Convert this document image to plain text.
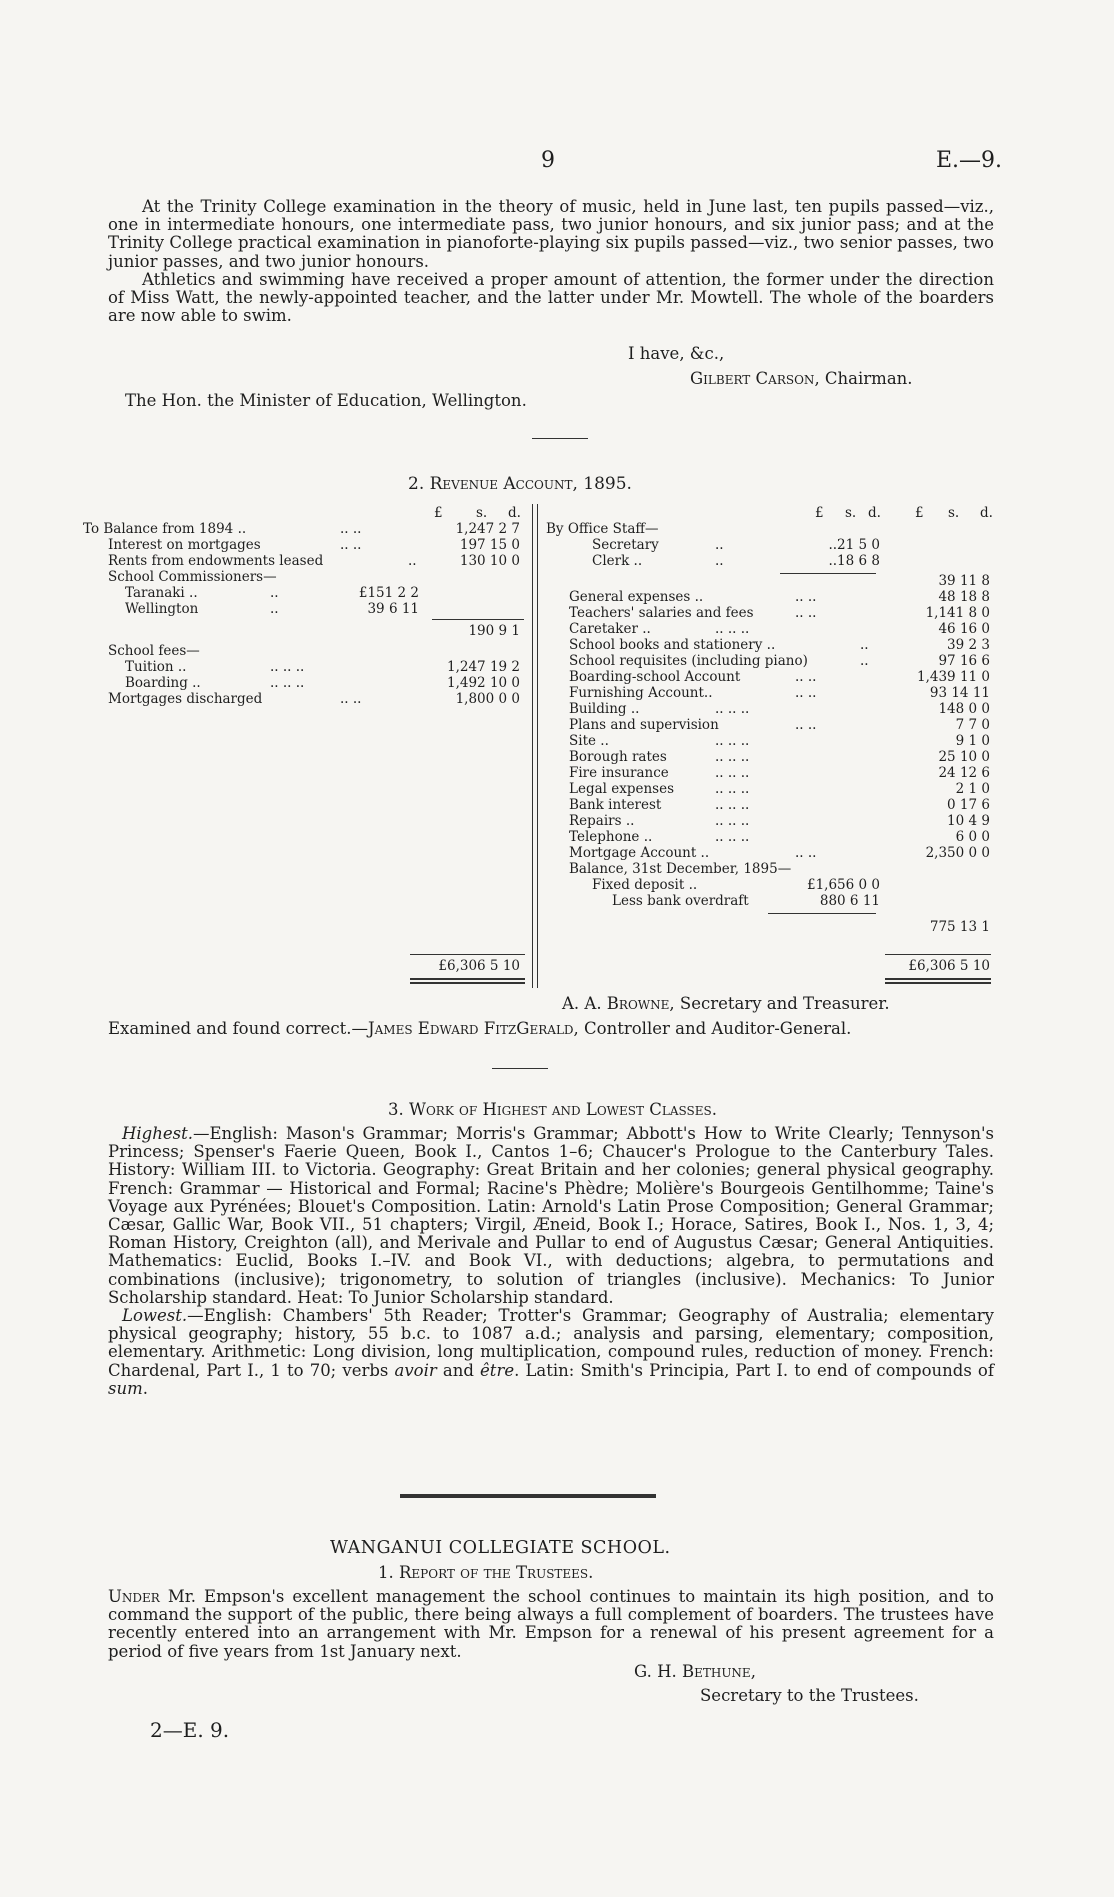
9	E.—9.

At the Trinity College examination in the theory of music, held in June last, ten pupils passed—viz., one in intermediate honours, one intermediate pass, two junior honours, and six junior pass; and at the Trinity College practical examination in pianoforte-playing six pupils passed—viz., two senior passes, two junior passes, and two junior honours.

Athletics and swimming have received a proper amount of attention, the former under the direction of Miss Watt, the newly-appointed teacher, and the latter under Mr. Mowtell. The whole of the boarders are now able to swim.

I have, &c.,
Gilbert Carson, Chairman.
The Hon. the Minister of Education, Wellington.
2. Revenue Account, 1895.
£ s. d.	£ s. d.	£ s. d.
To Balance from 1894 ..	.. ..	1,247 2 7
Interest on mortgages	.. ..	197 15 0
Rents from endowments leased	..	130 10 0
School Commissioners—
Taranaki ..	..	£151 2 2
Wellington	..	39 6 11
190 9 1
School fees—
Tuition ..	.. .. ..	1,247 19 2
Boarding ..	.. .. ..	1,492 10 0
Mortgages discharged	.. ..	1,800 0 0
£6,306 5 10
By Office Staff—
Secretary	..	..21 5 0
Clerk ..	..	..18 6 8
39 11 8
General expenses ..	.. ..	48 18 8
Teachers' salaries and fees	.. ..	1,141 8 0
Caretaker ..	.. .. ..	46 16 0
School books and stationery ..	..	39 2 3
School requisites (including piano)	..	97 16 6
Boarding-school Account	.. ..	1,439 11 0
Furnishing Account..	.. ..	93 14 11
Building ..	.. .. ..	148 0 0
Plans and supervision	.. ..	7 7 0
Site ..	.. .. ..	9 1 0
Borough rates	.. .. ..	25 10 0
Fire insurance	.. .. ..	24 12 6
Legal expenses	.. .. ..	2 1 0
Bank interest	.. .. ..	0 17 6
Repairs ..	.. .. ..	10 4 9
Telephone ..	.. .. ..	6 0 0
Mortgage Account ..	.. ..	2,350 0 0
Balance, 31st December, 1895—
Fixed deposit ..	£1,656 0 0
Less bank overdraft	880 6 11
775 13 1
£6,306 5 10
A. A. Browne, Secretary and Treasurer.
Examined and found correct.—James Edward FitzGerald, Controller and Auditor-General.
3. Work of Highest and Lowest Classes.

Highest.—English: Mason's Grammar; Morris's Grammar; Abbott's How to Write Clearly; Tennyson's Princess; Spenser's Faerie Queen, Book I., Cantos 1–6; Chaucer's Prologue to the Canterbury Tales. History: William III. to Victoria. Geography: Great Britain and her colonies; general physical geography. French: Grammar — Historical and Formal; Racine's Phèdre; Molière's Bourgeois Gentilhomme; Taine's Voyage aux Pyrénées; Blouet's Composition. Latin: Arnold's Latin Prose Composition; General Grammar; Cæsar, Gallic War, Book VII., 51 chapters; Virgil, Æneid, Book I.; Horace, Satires, Book I., Nos. 1, 3, 4; Roman History, Creighton (all), and Merivale and Pullar to end of Augustus Cæsar; General Antiquities. Mathematics: Euclid, Books I.–IV. and Book VI., with deductions; algebra, to permutations and combinations (inclusive); trigonometry, to solution of triangles (inclusive). Mechanics: To Junior Scholarship standard. Heat: To Junior Scholarship standard.

Lowest.—English: Chambers' 5th Reader; Trotter's Grammar; Geography of Australia; elementary physical geography; history, 55 b.c. to 1087 a.d.; analysis and parsing, elementary; composition, elementary. Arithmetic: Long division, long multiplication, compound rules, reduction of money. French: Chardenal, Part I., 1 to 70; verbs avoir and être. Latin: Smith's Principia, Part I. to end of compounds of sum.

WANGANUI COLLEGIATE SCHOOL.
1. Report of the Trustees.

Under Mr. Empson's excellent management the school continues to maintain its high position, and to command the support of the public, there being always a full complement of boarders. The trustees have recently entered into an arrangement with Mr. Empson for a renewal of his present agreement for a period of five years from 1st January next.

G. H. Bethune,
Secretary to the Trustees.
2—E. 9.
